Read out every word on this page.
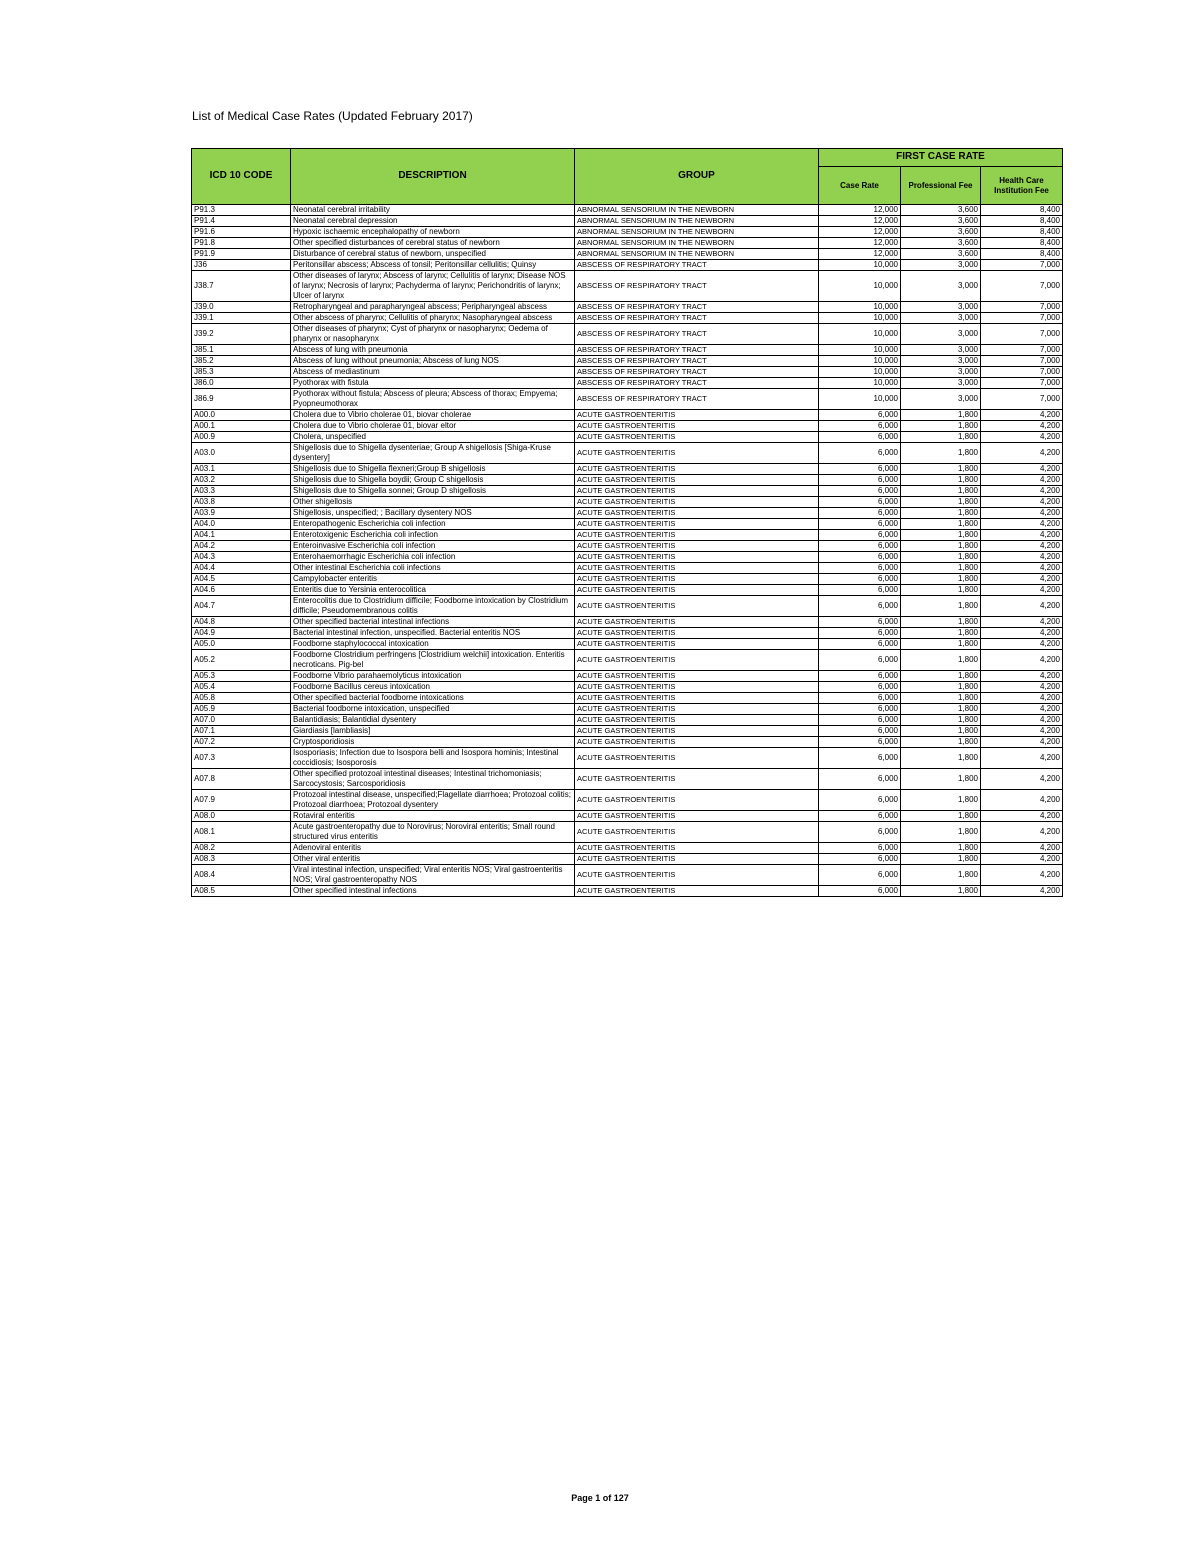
List of Medical Case Rates (Updated February 2017)
ICD 10 CODE	DESCRIPTION	GROUP	FIRST CASE RATE		
			Case Rate	Professional Fee	Health Care Institution Fee
P91.3	Neonatal cerebral irritability	ABNORMAL SENSORIUM IN THE NEWBORN	12,000	3,600	8,400
P91.4	Neonatal cerebral depression	ABNORMAL SENSORIUM IN THE NEWBORN	12,000	3,600	8,400
P91.6	Hypoxic ischaemic encephalopathy of newborn	ABNORMAL SENSORIUM IN THE NEWBORN	12,000	3,600	8,400
P91.8	Other specified disturbances of cerebral status of newborn	ABNORMAL SENSORIUM IN THE NEWBORN	12,000	3,600	8,400
P91.9	Disturbance of cerebral status of newborn, unspecified	ABNORMAL SENSORIUM IN THE NEWBORN	12,000	3,600	8,400
J36	Peritonsillar abscess; Abscess of tonsil; Peritonsillar cellulitis; Quinsy	ABSCESS OF RESPIRATORY TRACT	10,000	3,000	7,000
J38.7	Other diseases of larynx; Abscess of larynx; Cellulitis of larynx; Disease NOS of larynx; Necrosis of larynx; Pachyderma of larynx; Perichondritis of larynx; Ulcer of larynx	ABSCESS OF RESPIRATORY TRACT	10,000	3,000	7,000
J39.0	Retropharyngeal and parapharyngeal abscess; Peripharyngeal abscess	ABSCESS OF RESPIRATORY TRACT	10,000	3,000	7,000
J39.1	Other abscess of pharynx; Cellulitis of pharynx; Nasopharyngeal abscess	ABSCESS OF RESPIRATORY TRACT	10,000	3,000	7,000
J39.2	Other diseases of pharynx; Cyst of pharynx or nasopharynx; Oedema of pharynx or nasopharynx	ABSCESS OF RESPIRATORY TRACT	10,000	3,000	7,000
J85.1	Abscess of lung with pneumonia	ABSCESS OF RESPIRATORY TRACT	10,000	3,000	7,000
J85.2	Abscess of lung without pneumonia; Abscess of lung NOS	ABSCESS OF RESPIRATORY TRACT	10,000	3,000	7,000
J85.3	Abscess of mediastinum	ABSCESS OF RESPIRATORY TRACT	10,000	3,000	7,000
J86.0	Pyothorax with fistula	ABSCESS OF RESPIRATORY TRACT	10,000	3,000	7,000
J86.9	Pyothorax without fistula; Abscess of pleura; Abscess of thorax; Empyema; Pyopneumothorax	ABSCESS OF RESPIRATORY TRACT	10,000	3,000	7,000
A00.0	Cholera due to Vibrio cholerae 01, biovar cholerae	ACUTE GASTROENTERITIS	6,000	1,800	4,200
A00.1	Cholera due to Vibrio cholerae 01, biovar eltor	ACUTE GASTROENTERITIS	6,000	1,800	4,200
A00.9	Cholera, unspecified	ACUTE GASTROENTERITIS	6,000	1,800	4,200
A03.0	Shigellosis due to Shigella dysenteriae; Group A shigellosis [Shiga-Kruse dysentery]	ACUTE GASTROENTERITIS	6,000	1,800	4,200
A03.1	Shigellosis due to Shigella flexneri;Group B shigellosis	ACUTE GASTROENTERITIS	6,000	1,800	4,200
A03.2	Shigellosis due to Shigella boydii; Group C shigellosis	ACUTE GASTROENTERITIS	6,000	1,800	4,200
A03.3	Shigellosis due to Shigella sonnei; Group D shigellosis	ACUTE GASTROENTERITIS	6,000	1,800	4,200
A03.8	Other shigellosis	ACUTE GASTROENTERITIS	6,000	1,800	4,200
A03.9	Shigellosis, unspecified; ; Bacillary dysentery NOS	ACUTE GASTROENTERITIS	6,000	1,800	4,200
A04.0	Enteropathogenic Escherichia coli infection	ACUTE GASTROENTERITIS	6,000	1,800	4,200
A04.1	Enterotoxigenic Escherichia coli infection	ACUTE GASTROENTERITIS	6,000	1,800	4,200
A04.2	Enteroinvasive Escherichia coli infection	ACUTE GASTROENTERITIS	6,000	1,800	4,200
A04.3	Enterohaemorrhagic Escherichia coli infection	ACUTE GASTROENTERITIS	6,000	1,800	4,200
A04.4	Other intestinal Escherichia coli infections	ACUTE GASTROENTERITIS	6,000	1,800	4,200
A04.5	Campylobacter enteritis	ACUTE GASTROENTERITIS	6,000	1,800	4,200
A04.6	Enteritis due to Yersinia enterocolitica	ACUTE GASTROENTERITIS	6,000	1,800	4,200
A04.7	Enterocolitis due to Clostridium difficile; Foodborne intoxication by Clostridium difficile; Pseudomembranous colitis	ACUTE GASTROENTERITIS	6,000	1,800	4,200
A04.8	Other specified bacterial intestinal infections	ACUTE GASTROENTERITIS	6,000	1,800	4,200
A04.9	Bacterial intestinal infection, unspecified. Bacterial enteritis NOS	ACUTE GASTROENTERITIS	6,000	1,800	4,200
A05.0	Foodborne staphylococcal intoxication	ACUTE GASTROENTERITIS	6,000	1,800	4,200
A05.2	Foodborne Clostridium perfringens [Clostridium welchii] intoxication. Enteritis necroticans. Pig-bel	ACUTE GASTROENTERITIS	6,000	1,800	4,200
A05.3	Foodborne Vibrio parahaemolyticus intoxication	ACUTE GASTROENTERITIS	6,000	1,800	4,200
A05.4	Foodborne Bacillus cereus intoxication	ACUTE GASTROENTERITIS	6,000	1,800	4,200
A05.8	Other specified bacterial foodborne intoxications	ACUTE GASTROENTERITIS	6,000	1,800	4,200
A05.9	Bacterial foodborne intoxication, unspecified	ACUTE GASTROENTERITIS	6,000	1,800	4,200
A07.0	Balantidiasis; Balantidial dysentery	ACUTE GASTROENTERITIS	6,000	1,800	4,200
A07.1	Giardiasis [lambliasis]	ACUTE GASTROENTERITIS	6,000	1,800	4,200
A07.2	Cryptosporidiosis	ACUTE GASTROENTERITIS	6,000	1,800	4,200
A07.3	Isosporiasis; Infection due to Isospora belli and Isospora hominis; Intestinal coccidiosis; Isosporosis	ACUTE GASTROENTERITIS	6,000	1,800	4,200
A07.8	Other specified protozoal intestinal diseases; Intestinal trichomoniasis; Sarcocystosis; Sarcosporidiosis	ACUTE GASTROENTERITIS	6,000	1,800	4,200
A07.9	Protozoal intestinal disease, unspecified;Flagellate diarrhoea; Protozoal colitis; Protozoal diarrhoea; Protozoal dysentery	ACUTE GASTROENTERITIS	6,000	1,800	4,200
A08.0	Rotaviral enteritis	ACUTE GASTROENTERITIS	6,000	1,800	4,200
A08.1	Acute gastroenteropathy due to Norovirus; Noroviral enteritis; Small round structured virus enteritis	ACUTE GASTROENTERITIS	6,000	1,800	4,200
A08.2	Adenoviral enteritis	ACUTE GASTROENTERITIS	6,000	1,800	4,200
A08.3	Other viral enteritis	ACUTE GASTROENTERITIS	6,000	1,800	4,200
A08.4	Viral intestinal infection, unspecified; Viral enteritis NOS; Viral gastroenteritis NOS; Viral gastroenteropathy NOS	ACUTE GASTROENTERITIS	6,000	1,800	4,200
A08.5	Other specified intestinal infections	ACUTE GASTROENTERITIS	6,000	1,800	4,200
Page 1 of 127
